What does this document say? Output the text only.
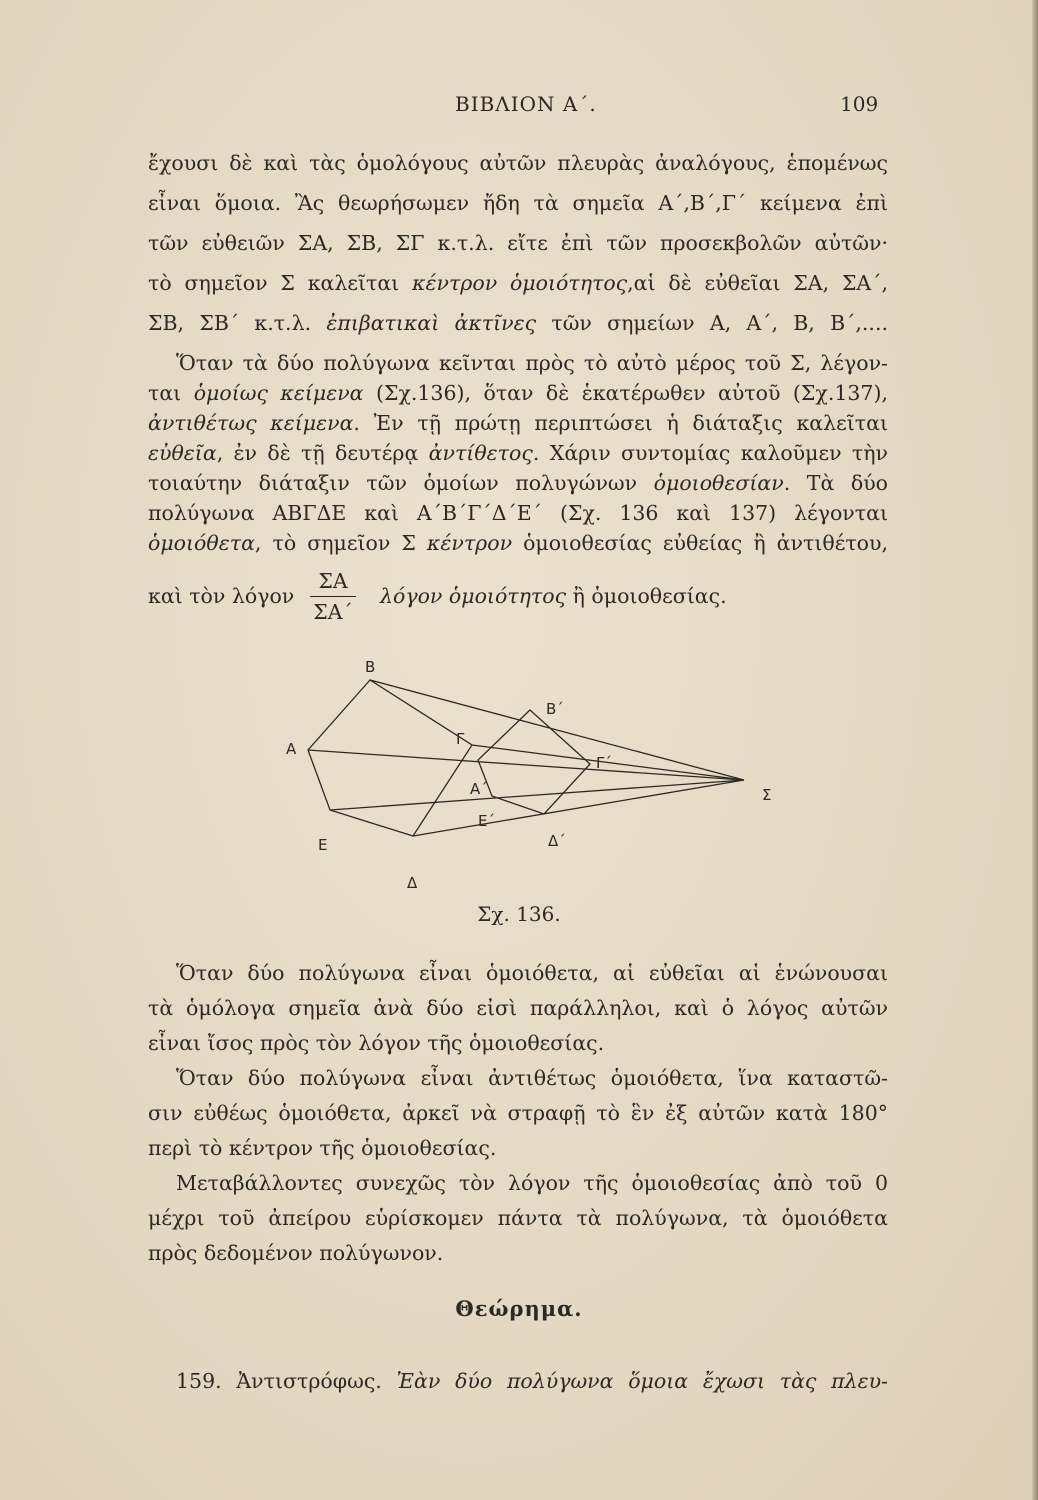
ΒΙΒΛΙΟΝ Α΄.	109
ἔχουσι δὲ καὶ τὰς ὁμολόγους αὐτῶν πλευρὰς ἀναλόγους, ἑπομένως
εἶναι ὅμοια. Ἂς θεωρήσωμεν ἤδη τὰ σημεῖα Α΄,Β΄,Γ΄ κείμενα ἐπὶ
τῶν εὐθειῶν ΣΑ, ΣΒ, ΣΓ κ.τ.λ. εἴτε ἐπὶ τῶν προσεκβολῶν αὐτῶν·
τὸ σημεῖον Σ καλεῖται κέντρον ὁμοιότητος,αἱ δὲ εὐθεῖαι ΣΑ, ΣΑ΄,
ΣΒ, ΣΒ΄ κ.τ.λ. ἐπιβατικαὶ ἀκτῖνες τῶν σημείων Α, Α΄, Β, Β΄,....
Ὅταν τὰ δύο πολύγωνα κεῖνται πρὸς τὸ αὐτὸ μέρος τοῦ Σ, λέγον-
ται ὁμοίως κείμενα (Σχ.136), ὅταν δὲ ἑκατέρωθεν αὐτοῦ (Σχ.137),
ἀντιθέτως κείμενα. Ἐν τῇ πρώτῃ περιπτώσει ἡ διάταξις καλεῖται
εὐθεῖα, ἐν δὲ τῇ δευτέρᾳ ἀντίθετος. Χάριν συντομίας καλοῦμεν τὴν
τοιαύτην διάταξιν τῶν ὁμοίων πολυγώνων ὁμοιοθεσίαν. Τὰ δύο
πολύγωνα ΑΒΓΔΕ καὶ Α΄Β΄Γ΄Δ΄Ε΄ (Σχ. 136 καὶ 137) λέγονται
καὶ τὸν λόγον
ΣΑ
ΣΑ΄
λόγον ὁμοιότητος ἢ ὁμοιοθεσίας.
Β
Α
Ε
Δ
Γ
Β΄
Γ΄
Α΄
Ε΄
Δ΄
Σ
Σχ. 136.
Ὅταν δύο πολύγωνα εἶναι ὁμοιόθετα, αἱ εὐθεῖαι αἱ ἑνώνουσαι
τὰ ὁμόλογα σημεῖα ἀνὰ δύο εἰσὶ παράλληλοι, καὶ ὁ λόγος αὐτῶν
εἶναι ἴσος πρὸς τὸν λόγον τῆς ὁμοιοθεσίας.
Ὅταν δύο πολύγωνα εἶναι ἀντιθέτως ὁμοιόθετα, ἵνα καταστῶ-
σιν εὐθέως ὁμοιόθετα, ἀρκεῖ νὰ στραφῇ τὸ ἓν ἐξ αὐτῶν κατὰ 180°
περὶ τὸ κέντρον τῆς ὁμοιοθεσίας.
Μεταβάλλοντες συνεχῶς τὸν λόγον τῆς ὁμοιοθεσίας ἀπὸ τοῦ 0
μέχρι τοῦ ἀπείρου εὑρίσκομεν πάντα τὰ πολύγωνα, τὰ ὁμοιόθετα
πρὸς δεδομένον πολύγωνον.
Θεώρημα.
159. Ἀντιστρόφως. Ἐὰν δύο πολύγωνα ὅμοια ἔχωσι τὰς πλευ-
ὁμοιόθετα, τὸ σημεῖον Σ κέντρον ὁμοιοθεσίας εὐθείας ἢ ἀντιθέτου,
